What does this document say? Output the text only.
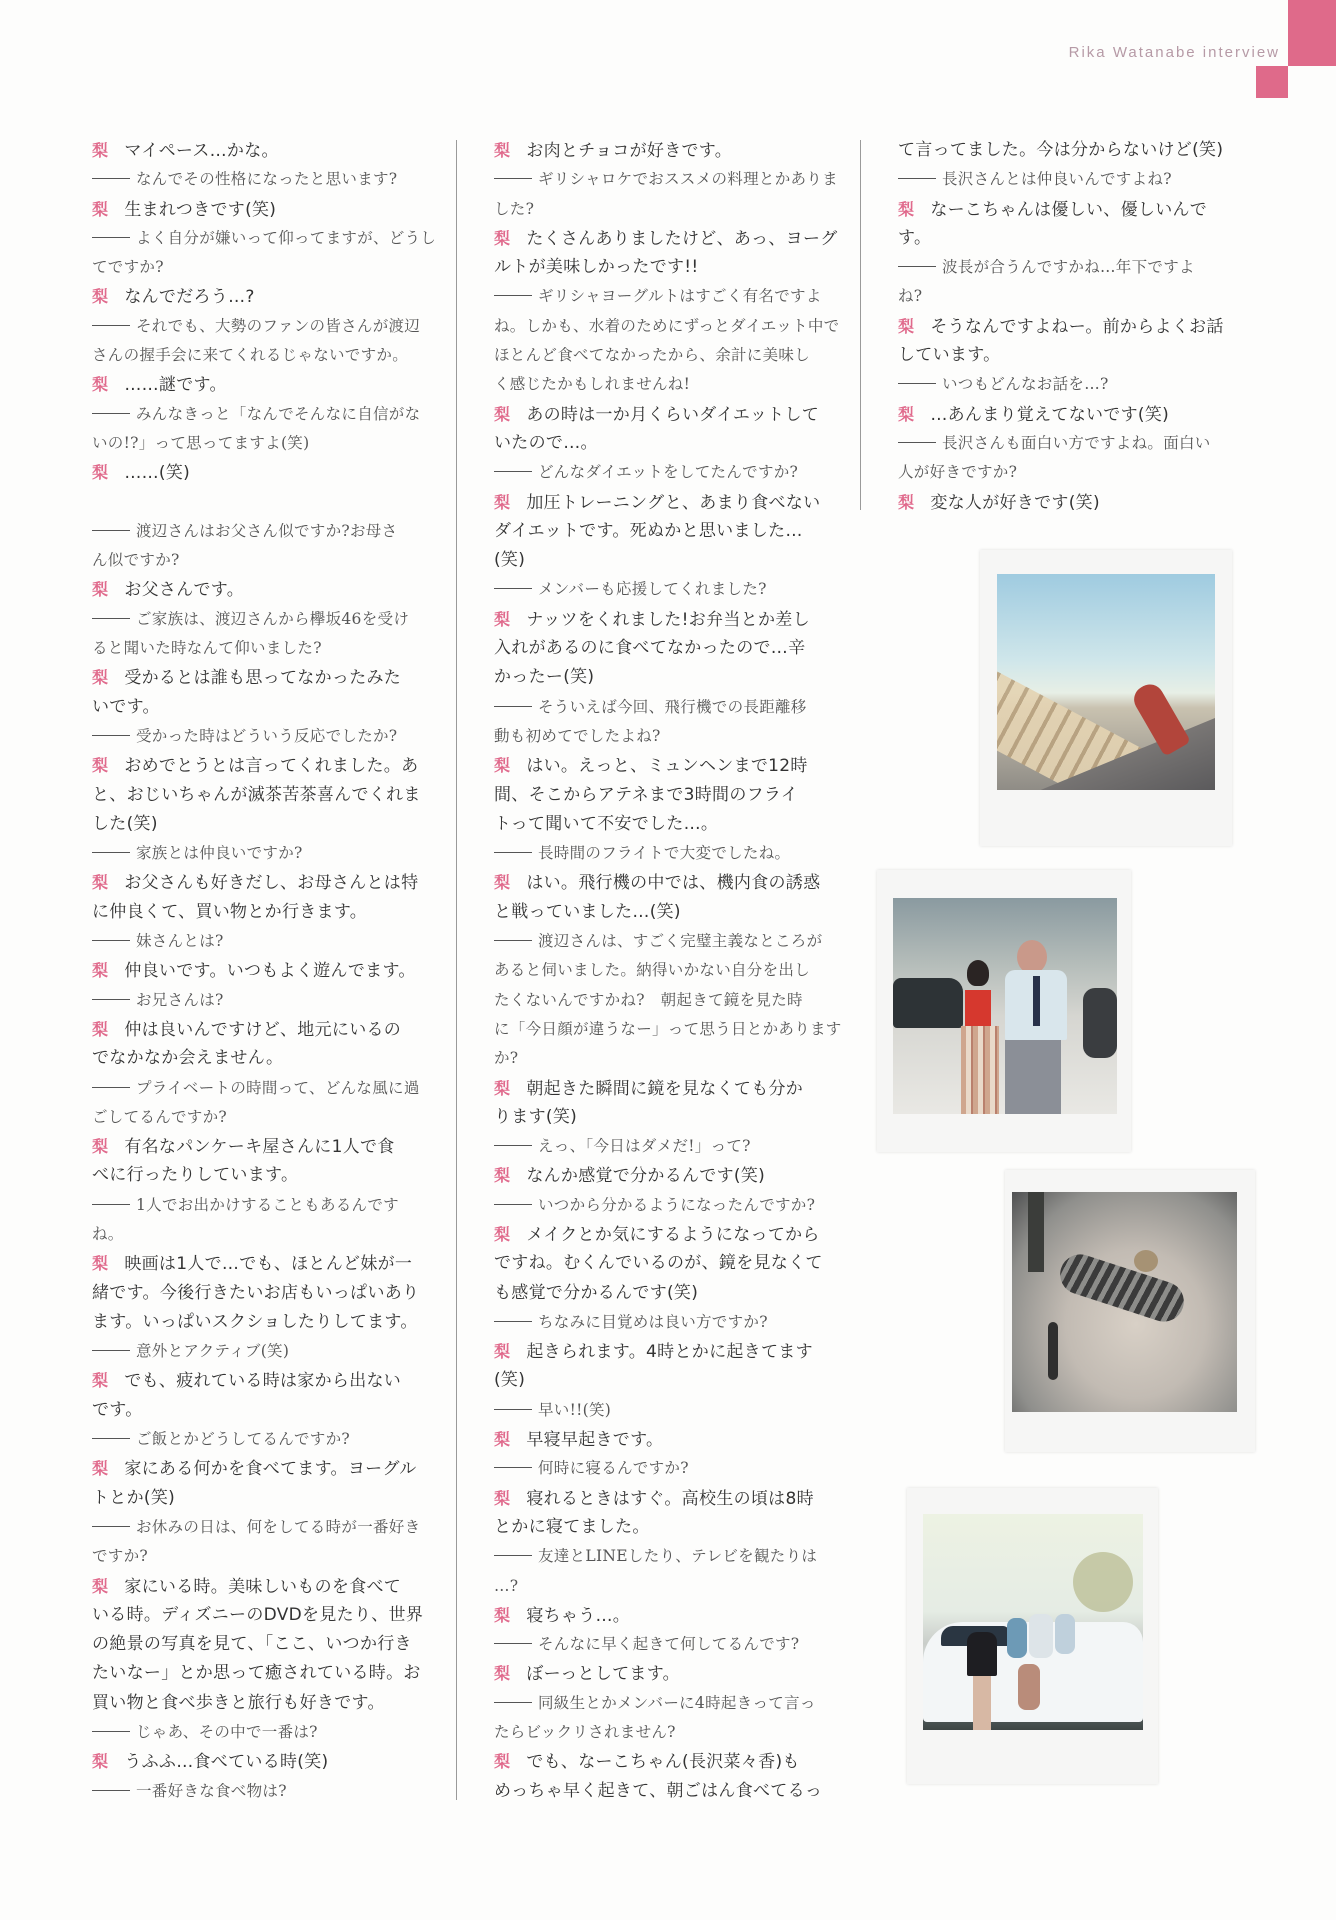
Rika Watanabe interview
梨 マイペース…かな。
なんでその性格になったと思います?
梨 生まれつきです(笑)
よく自分が嫌いって仰ってますが、どうし
てですか?
梨 なんでだろう…?
それでも、大勢のファンの皆さんが渡辺
さんの握手会に来てくれるじゃないですか。
梨 ……謎です。
みんなきっと「なんでそんなに自信がな
いの!?」って思ってますよ(笑)
梨 ……(笑)
渡辺さんはお父さん似ですか?お母さ
ん似ですか?
梨 お父さんです。
ご家族は、渡辺さんから欅坂46を受け
ると聞いた時なんて仰いました?
梨 受かるとは誰も思ってなかったみた
いです。
受かった時はどういう反応でしたか?
梨 おめでとうとは言ってくれました。あ
と、おじいちゃんが滅茶苦茶喜んでくれま
した(笑)
家族とは仲良いですか?
梨 お父さんも好きだし、お母さんとは特
に仲良くて、買い物とか行きます。
妹さんとは?
梨 仲良いです。いつもよく遊んでます。
お兄さんは?
梨 仲は良いんですけど、地元にいるの
でなかなか会えません。
プライベートの時間って、どんな風に過
ごしてるんですか?
梨 有名なパンケーキ屋さんに1人で食
べに行ったりしています。
1人でお出かけすることもあるんです
ね。
梨 映画は1人で…でも、ほとんど妹が一
緒です。今後行きたいお店もいっぱいあり
ます。いっぱいスクショしたりしてます。
意外とアクティブ(笑)
梨 でも、疲れている時は家から出ない
です。
ご飯とかどうしてるんですか?
梨 家にある何かを食べてます。ヨーグル
トとか(笑)
お休みの日は、何をしてる時が一番好き
ですか?
梨 家にいる時。美味しいものを食べて
いる時。ディズニーのDVDを見たり、世界
の絶景の写真を見て、「ここ、いつか行き
たいなー」とか思って癒されている時。お
買い物と食べ歩きと旅行も好きです。
じゃあ、その中で一番は?
梨 うふふ…食べている時(笑)
一番好きな食べ物は?
梨 お肉とチョコが好きです。
ギリシャロケでおススメの料理とかありま
した?
梨 たくさんありましたけど、あっ、ヨーグ
ルトが美味しかったです!!
ギリシャヨーグルトはすごく有名ですよ
ね。しかも、水着のためにずっとダイエット中で
ほとんど食べてなかったから、余計に美味し
く感じたかもしれませんね!
梨 あの時は一か月くらいダイエットして
いたので…。
どんなダイエットをしてたんですか?
梨 加圧トレーニングと、あまり食べない
ダイエットです。死ぬかと思いました…
(笑)
メンバーも応援してくれました?
梨 ナッツをくれました!お弁当とか差し
入れがあるのに食べてなかったので…辛
かったー(笑)
そういえば今回、飛行機での長距離移
動も初めてでしたよね?
梨 はい。えっと、ミュンヘンまで12時
間、そこからアテネまで3時間のフライ
トって聞いて不安でした…。
長時間のフライトで大変でしたね。
梨 はい。飛行機の中では、機内食の誘惑
と戦っていました…(笑)
渡辺さんは、すごく完璧主義なところが
あると伺いました。納得いかない自分を出し
たくないんですかね?　朝起きて鏡を見た時
に「今日顔が違うなー」って思う日とかあります
か?
梨 朝起きた瞬間に鏡を見なくても分か
ります(笑)
えっ、「今日はダメだ!」って?
梨 なんか感覚で分かるんです(笑)
いつから分かるようになったんですか?
梨 メイクとか気にするようになってから
ですね。むくんでいるのが、鏡を見なくて
も感覚で分かるんです(笑)
ちなみに目覚めは良い方ですか?
梨 起きられます。4時とかに起きてます
(笑)
早い!!(笑)
梨 早寝早起きです。
何時に寝るんですか?
梨 寝れるときはすぐ。高校生の頃は8時
とかに寝てました。
友達とLINEしたり、テレビを観たりは
…?
梨 寝ちゃう…。
そんなに早く起きて何してるんです?
梨 ぼーっとしてます。
同級生とかメンバーに4時起きって言っ
たらビックリされません?
梨 でも、なーこちゃん(長沢菜々香)も
めっちゃ早く起きて、朝ごはん食べてるっ
て言ってました。今は分からないけど(笑)
長沢さんとは仲良いんですよね?
梨 なーこちゃんは優しい、優しいんで
す。
波長が合うんですかね…年下ですよ
ね?
梨 そうなんですよねー。前からよくお話
しています。
いつもどんなお話を…?
梨 …あんまり覚えてないです(笑)
長沢さんも面白い方ですよね。面白い
人が好きですか?
梨 変な人が好きです(笑)
